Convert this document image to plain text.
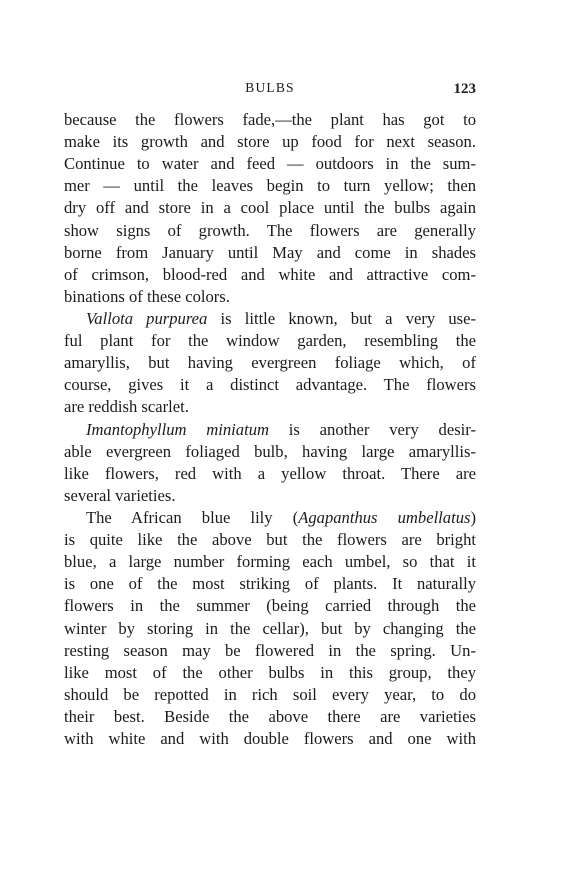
BULBS	123
because the flowers fade,—the plant has got to
make its growth and store up food for next season.
Continue to water and feed — outdoors in the sum-
mer — until the leaves begin to turn yellow; then
dry off and store in a cool place until the bulbs again
show signs of growth. The flowers are generally
borne from January until May and come in shades
of crimson, blood-red and white and attractive com-
binations of these colors.
Vallota purpurea is little known, but a very use-
ful plant for the window garden, resembling the
amaryllis, but having evergreen foliage which, of
course, gives it a distinct advantage. The flowers
are reddish scarlet.
Imantophyllum miniatum is another very desir-
able evergreen foliaged bulb, having large amaryllis-
like flowers, red with a yellow throat. There are
several varieties.
The African blue lily (Agapanthus umbellatus)
is quite like the above but the flowers are bright
blue, a large number forming each umbel, so that it
is one of the most striking of plants. It naturally
flowers in the summer (being carried through the
winter by storing in the cellar), but by changing the
resting season may be flowered in the spring. Un-
like most of the other bulbs in this group, they
should be repotted in rich soil every year, to do
their best. Beside the above there are varieties
with white and with double flowers and one with
